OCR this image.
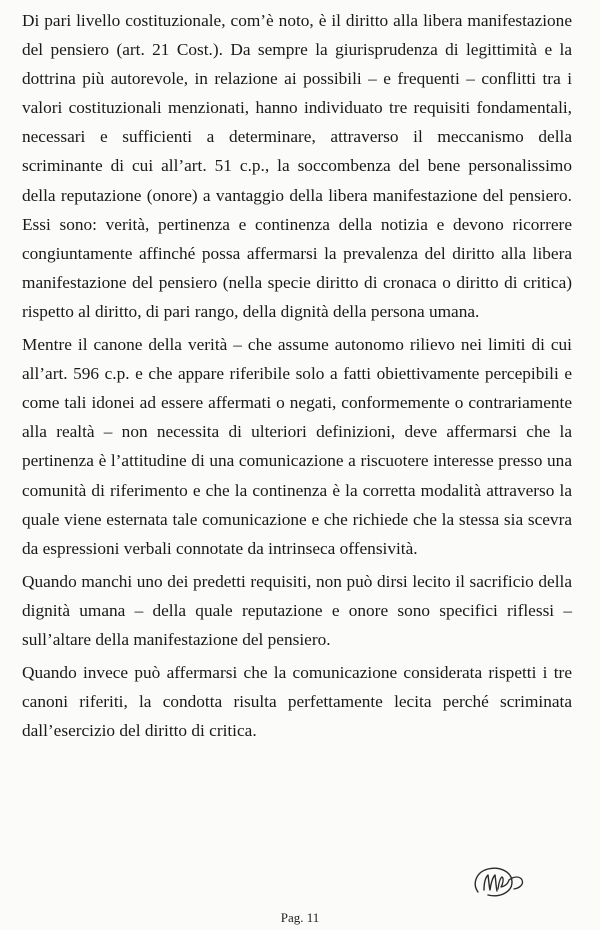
Di pari livello costituzionale, com’è noto, è il diritto alla libera manifestazione del pensiero (art. 21 Cost.). Da sempre la giurisprudenza di legittimità e la dottrina più autorevole, in relazione ai possibili – e frequenti – conflitti tra i valori costituzionali menzionati, hanno individuato tre requisiti fondamentali, necessari e sufficienti a determinare, attraverso il meccanismo della scriminante di cui all’art. 51 c.p., la soccombenza del bene personalissimo della reputazione (onore) a vantaggio della libera manifestazione del pensiero. Essi sono: verità, pertinenza e continenza della notizia e devono ricorrere congiuntamente affinché possa affermarsi la prevalenza del diritto alla libera manifestazione del pensiero (nella specie diritto di cronaca o diritto di critica) rispetto al diritto, di pari rango, della dignità della persona umana.

Mentre il canone della verità – che assume autonomo rilievo nei limiti di cui all’art. 596 c.p. e che appare riferibile solo a fatti obiettivamente percepibili e come tali idonei ad essere affermati o negati, conformemente o contrariamente alla realtà – non necessita di ulteriori definizioni, deve affermarsi che la pertinenza è l’attitudine di una comunicazione a riscuotere interesse presso una comunità di riferimento e che la continenza è la corretta modalità attraverso la quale viene esternata tale comunicazione e che richiede che la stessa sia scevra da espressioni verbali connotate da intrinseca offensività.

Quando manchi uno dei predetti requisiti, non può dirsi lecito il sacrificio della dignità umana – della quale reputazione e onore sono specifici riflessi – sull’altare della manifestazione del pensiero.

Quando invece può affermarsi che la comunicazione considerata rispetti i tre canoni riferiti, la condotta risulta perfettamente lecita perché scriminata dall’esercizio del diritto di critica.

Pag. 11
